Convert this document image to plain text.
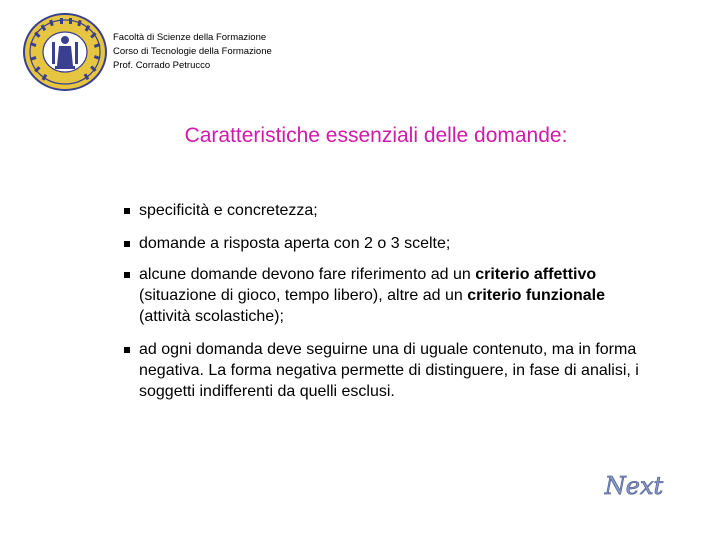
Facoltà di Scienze della Formazione
Corso di Tecnologie della Formazione
Prof. Corrado Petrucco
Caratteristiche essenziali delle domande:
specificità e concretezza;
domande a risposta aperta con 2 o 3 scelte;
alcune domande devono fare riferimento ad un criterio affettivo (situazione di gioco, tempo libero), altre ad un criterio funzionale (attività scolastiche);
ad ogni domanda deve seguirne una di uguale contenuto, ma in forma negativa. La forma negativa permette di distinguere, in fase di analisi, i soggetti indifferenti da quelli esclusi.
Next
